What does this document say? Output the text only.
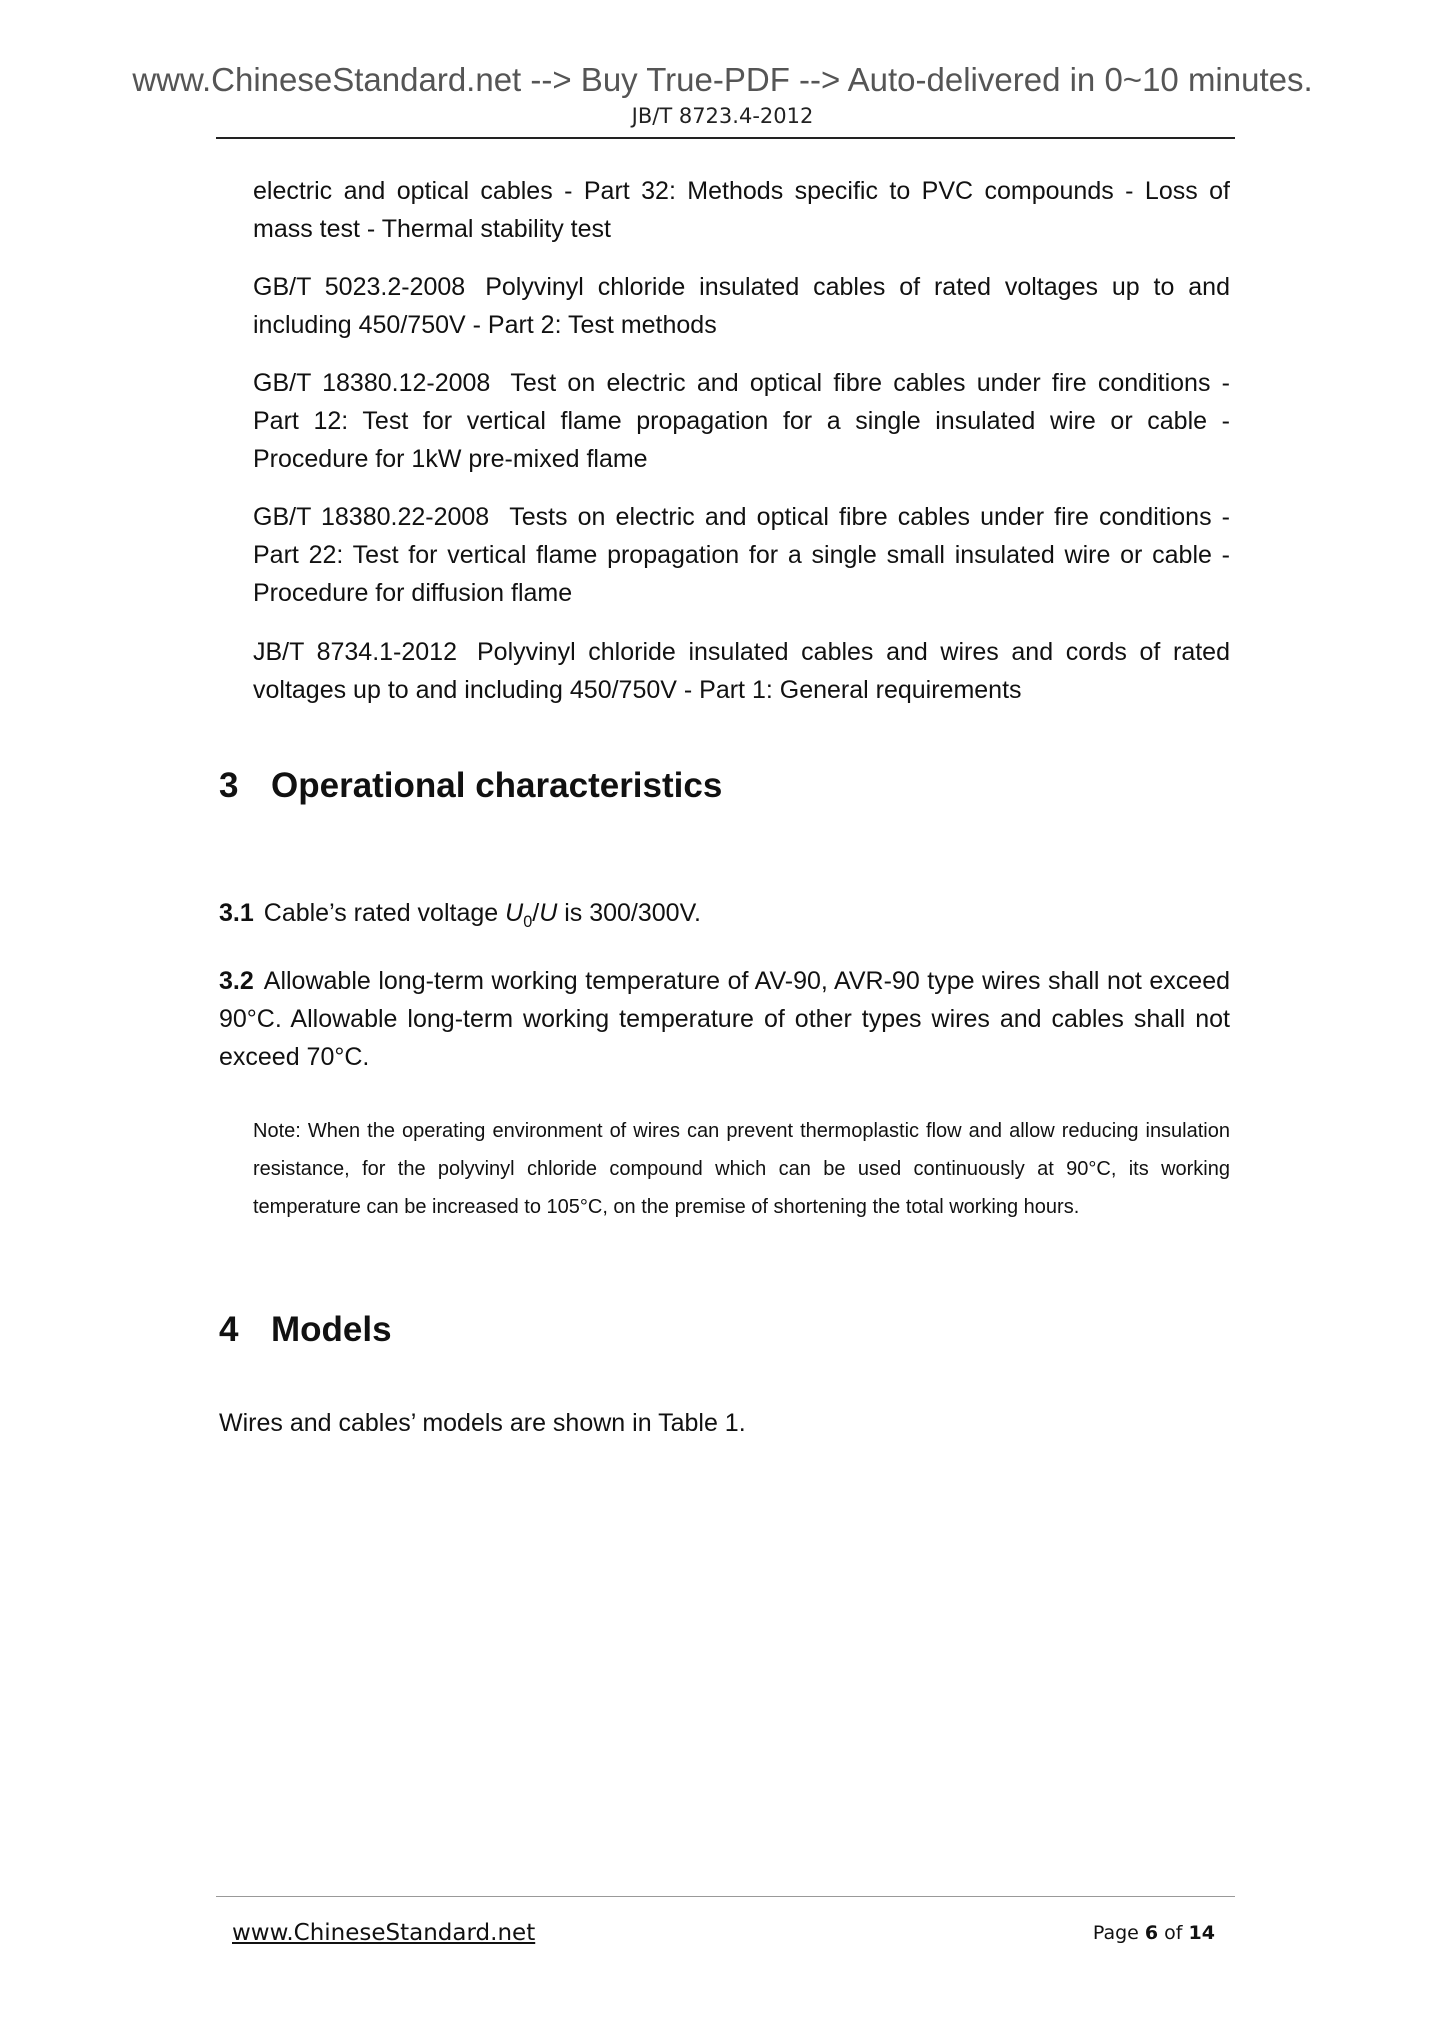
www.ChineseStandard.net --> Buy True-PDF --> Auto-delivered in 0~10 minutes.
JB/T 8723.4-2012
electric and optical cables - Part 32: Methods specific to PVC compounds - Loss of mass test - Thermal stability test
GB/T 5023.2-2008 Polyvinyl chloride insulated cables of rated voltages up to and including 450/750V - Part 2: Test methods
GB/T 18380.12-2008 Test on electric and optical fibre cables under fire conditions - Part 12: Test for vertical flame propagation for a single insulated wire or cable - Procedure for 1kW pre-mixed flame
GB/T 18380.22-2008 Tests on electric and optical fibre cables under fire conditions - Part 22: Test for vertical flame propagation for a single small insulated wire or cable - Procedure for diffusion flame
JB/T 8734.1-2012 Polyvinyl chloride insulated cables and wires and cords of rated voltages up to and including 450/750V - Part 1: General requirements
3 Operational characteristics
3.1 Cable’s rated voltage $U_0/U$ is 300/300V.
3.2 Allowable long-term working temperature of AV-90, AVR-90 type wires shall not exceed 90°C. Allowable long-term working temperature of other types wires and cables shall not exceed 70°C.
Note: When the operating environment of wires can prevent thermoplastic flow and allow reducing insulation resistance, for the polyvinyl chloride compound which can be used continuously at 90°C, its working temperature can be increased to 105°C, on the premise of shortening the total working hours.
4 Models
Wires and cables’ models are shown in Table 1.
www.ChineseStandard.net	Page 6 of 14
